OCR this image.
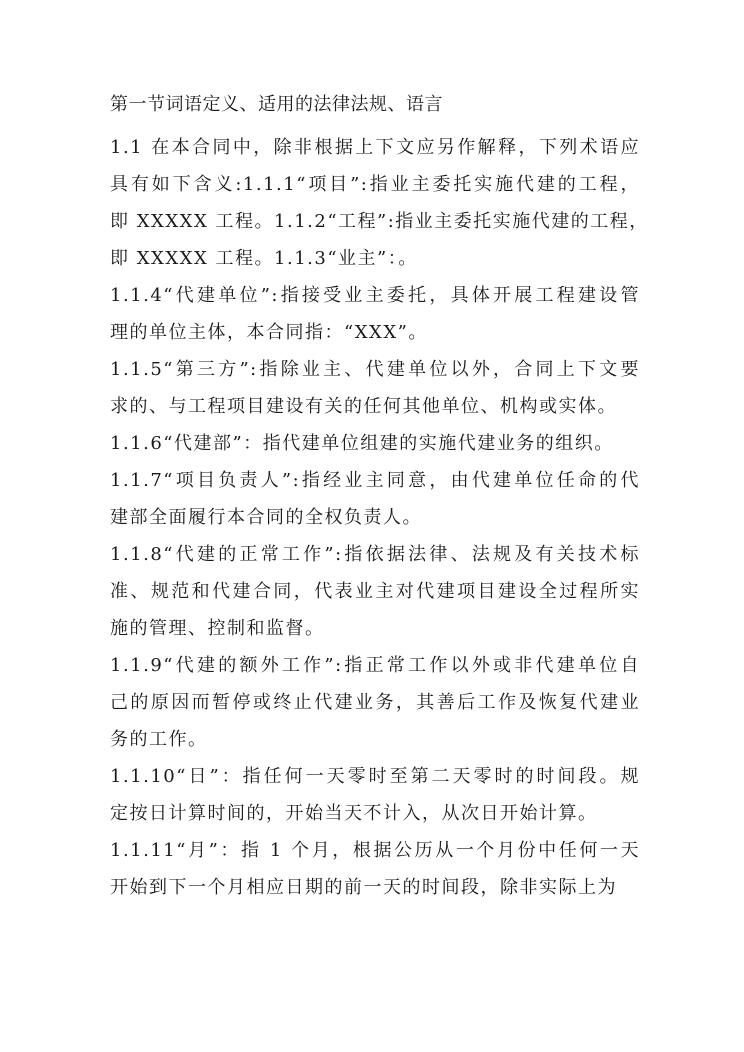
第一节词语定义、适用的法律法规、语言
1.1 在本合同中，除非根据上下文应另作解释，下列术语应
具有如下含义:1.1.1“项目”:指业主委托实施代建的工程，
即 XXXXX 工程。1.1.2“工程”:指业主委托实施代建的工程，
即 XXXXX 工程。1.1.3“业主”：。
1.1.4“代建单位”:指接受业主委托，具体开展工程建设管
理的单位主体，本合同指：“XXX”。
1.1.5“第三方”:指除业主、代建单位以外，合同上下文要
求的、与工程项目建设有关的任何其他单位、机构或实体。
1.1.6“代建部”：指代建单位组建的实施代建业务的组织。
1.1.7“项目负责人”:指经业主同意，由代建单位任命的代
建部全面履行本合同的全权负责人。
1.1.8“代建的正常工作”:指依据法律、法规及有关技术标
准、规范和代建合同，代表业主对代建项目建设全过程所实
施的管理、控制和监督。
1.1.9“代建的额外工作”:指正常工作以外或非代建单位自
己的原因而暂停或终止代建业务，其善后工作及恢复代建业
务的工作。
1.1.10“日”：指任何一天零时至第二天零时的时间段。规
定按日计算时间的，开始当天不计入，从次日开始计算。
1.1.11“月”：指 1 个月，根据公历从一个月份中任何一天
开始到下一个月相应日期的前一天的时间段，除非实际上为
